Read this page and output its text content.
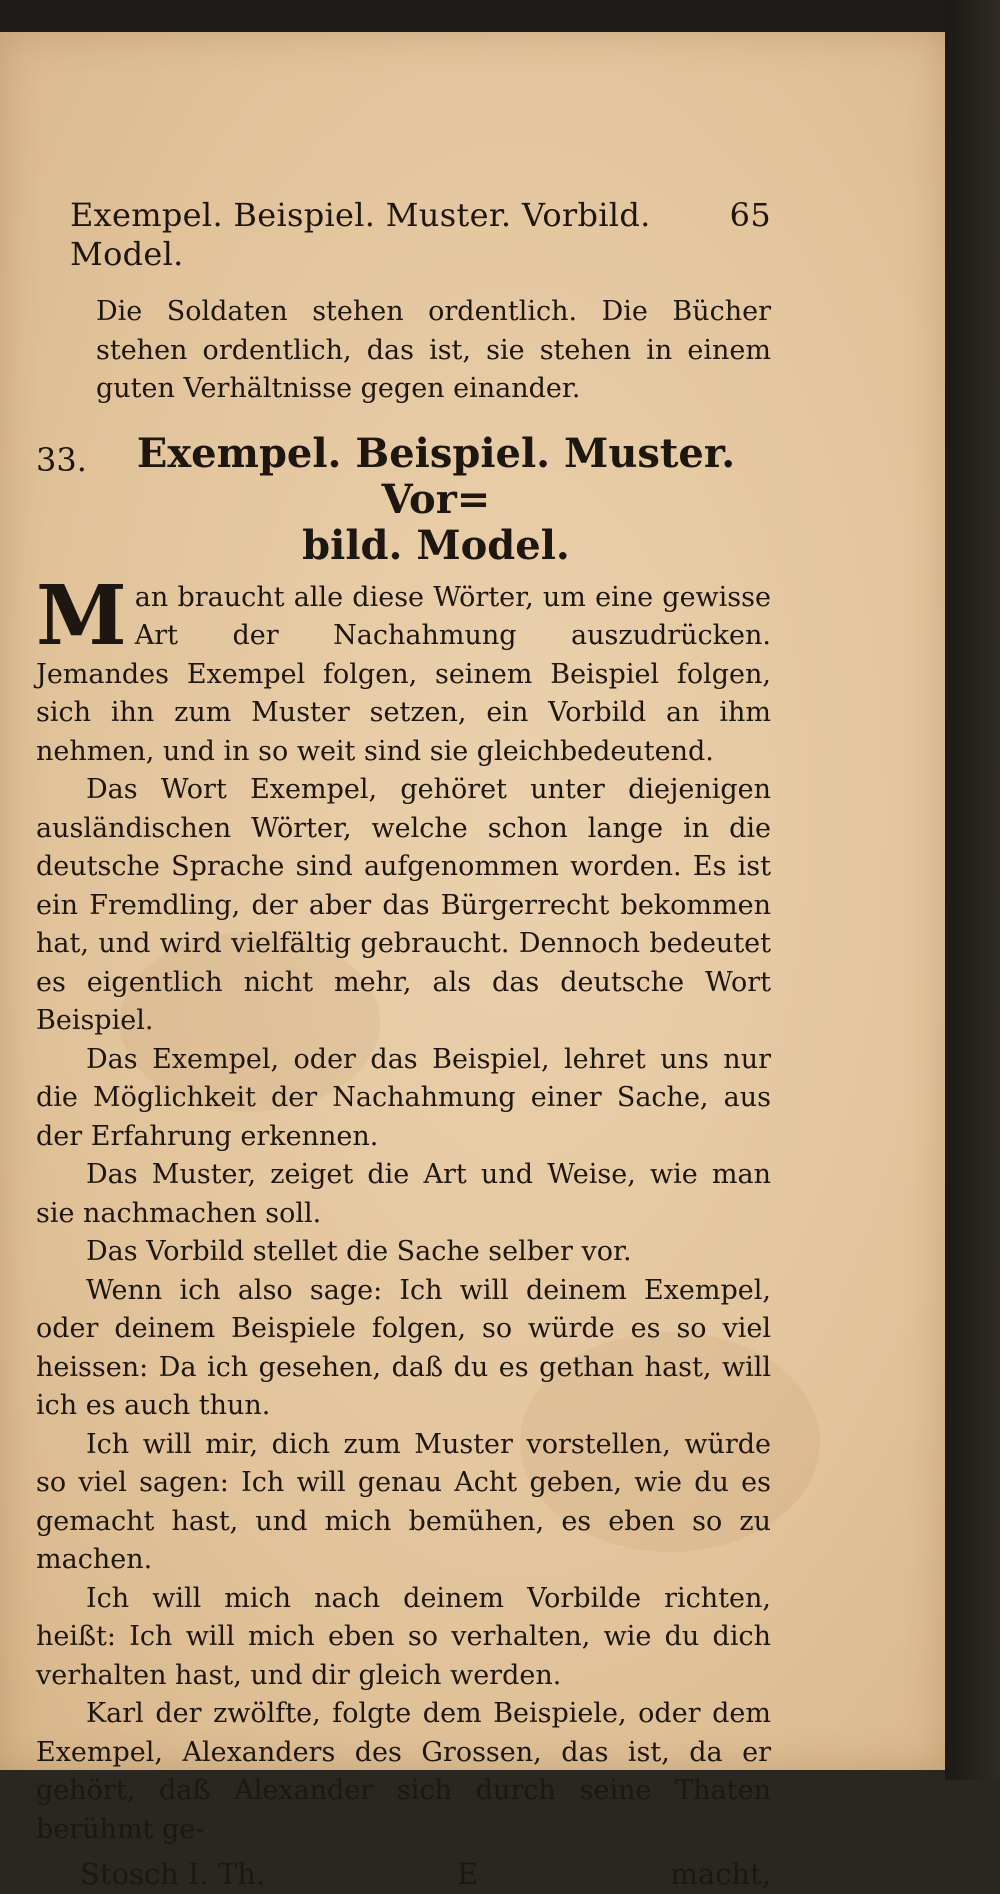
Exempel. Beispiel. Muster. Vorbild. Model.
65

Die Soldaten stehen ordentlich. Die Bücher stehen ordentlich, das ist, sie stehen in einem guten Verhältnisse gegen einander.

33.	Exempel. Beispiel. Muster. Vor=
bild. Model.
M an braucht alle diese Wörter, um eine gewisse Art der Nachahmung auszudrücken. Jemandes Exempel folgen, seinem Beispiel folgen, sich ihn zum Muster setzen, ein Vorbild an ihm nehmen, und in so weit sind sie gleichbedeutend.

Das Wort Exempel, gehöret unter diejenigen ausländischen Wörter, welche schon lange in die deutsche Sprache sind aufgenommen worden. Es ist ein Fremdling, der aber das Bürgerrecht bekommen hat, und wird vielfältig gebraucht. Dennoch bedeutet es eigentlich nicht mehr, als das deutsche Wort Beispiel.

Das Exempel, oder das Beispiel, lehret uns nur die Möglichkeit der Nachahmung einer Sache, aus der Erfahrung erkennen.

Das Muster, zeiget die Art und Weise, wie man sie nachmachen soll.

Das Vorbild stellet die Sache selber vor.

Wenn ich also sage: Ich will deinem Exempel, oder deinem Beispiele folgen, so würde es so viel heissen: Da ich gesehen, daß du es gethan hast, will ich es auch thun.

Ich will mir, dich zum Muster vorstellen, würde so viel sagen: Ich will genau Acht geben, wie du es gemacht hast, und mich bemühen, es eben so zu machen.

Ich will mich nach deinem Vorbilde richten, heißt: Ich will mich eben so verhalten, wie du dich verhalten hast, und dir gleich werden.

Karl der zwölfte, folgte dem Beispiele, oder dem Exempel, Alexanders des Grossen, das ist, da er gehört, daß Alexander sich durch seine Thaten berühmt ge-

Stosch I. Th.	E	macht,
